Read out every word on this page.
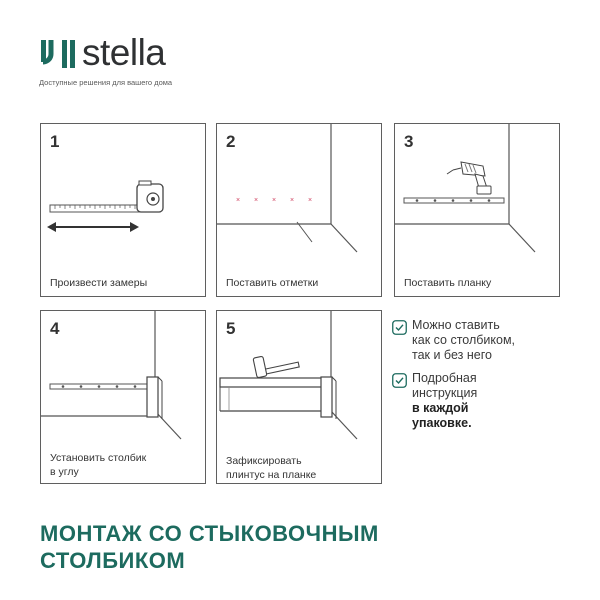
stella
Доступные решения для вашего дома
1
Произвести замеры
2
× × × × ×
Поставить отметки
3
Поставить планку
4
Установить столбик
в углу
5
Зафиксировать
плинтус на планке
Можно ставить
как со столбиком,
так и без него
Подробная
инструкция
в каждой
упаковке.
МОНТАЖ СО СТЫКОВОЧНЫМ
СТОЛБИКОМ
